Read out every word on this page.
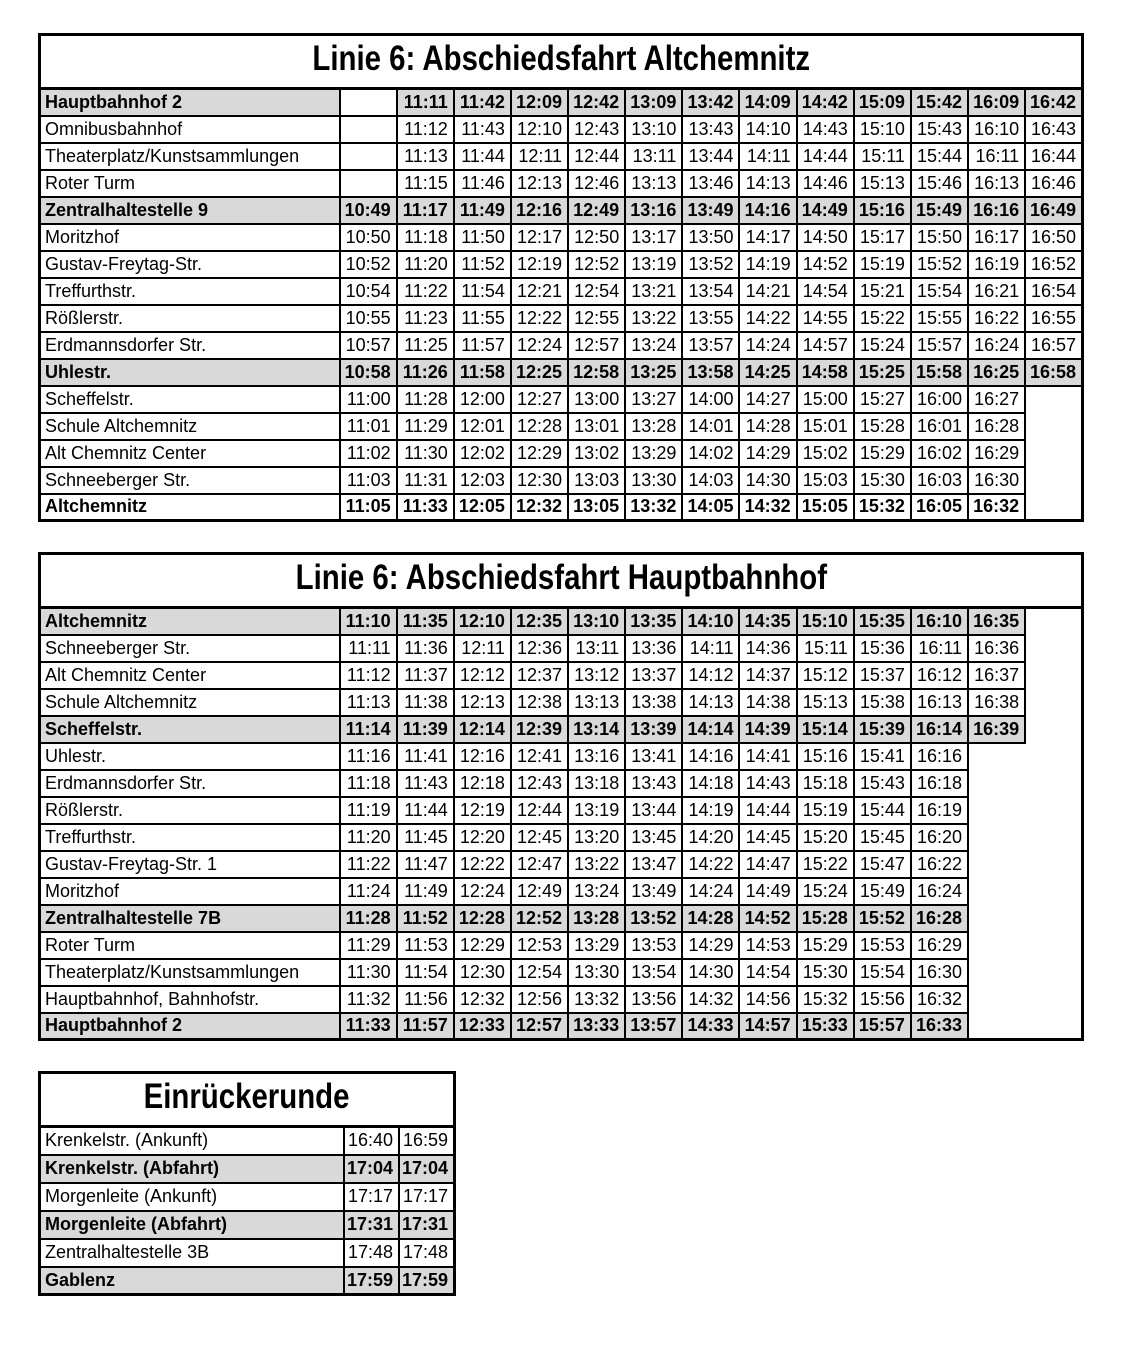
Linie 6: Abschiedsfahrt Altchemnitz													
Hauptbahnhof 2		11:11	11:42	12:09	12:42	13:09	13:42	14:09	14:42	15:09	15:42	16:09	16:42
Omnibusbahnhof		11:12	11:43	12:10	12:43	13:10	13:43	14:10	14:43	15:10	15:43	16:10	16:43
Theaterplatz/Kunstsammlungen		11:13	11:44	12:11	12:44	13:11	13:44	14:11	14:44	15:11	15:44	16:11	16:44
Roter Turm		11:15	11:46	12:13	12:46	13:13	13:46	14:13	14:46	15:13	15:46	16:13	16:46
Zentralhaltestelle 9	10:49	11:17	11:49	12:16	12:49	13:16	13:49	14:16	14:49	15:16	15:49	16:16	16:49
Moritzhof	10:50	11:18	11:50	12:17	12:50	13:17	13:50	14:17	14:50	15:17	15:50	16:17	16:50
Gustav-Freytag-Str.	10:52	11:20	11:52	12:19	12:52	13:19	13:52	14:19	14:52	15:19	15:52	16:19	16:52
Treffurthstr.	10:54	11:22	11:54	12:21	12:54	13:21	13:54	14:21	14:54	15:21	15:54	16:21	16:54
Rößlerstr.	10:55	11:23	11:55	12:22	12:55	13:22	13:55	14:22	14:55	15:22	15:55	16:22	16:55
Erdmannsdorfer Str.	10:57	11:25	11:57	12:24	12:57	13:24	13:57	14:24	14:57	15:24	15:57	16:24	16:57
Uhlestr.	10:58	11:26	11:58	12:25	12:58	13:25	13:58	14:25	14:58	15:25	15:58	16:25	16:58
Scheffelstr.	11:00	11:28	12:00	12:27	13:00	13:27	14:00	14:27	15:00	15:27	16:00	16:27	
Schule Altchemnitz	11:01	11:29	12:01	12:28	13:01	13:28	14:01	14:28	15:01	15:28	16:01	16:28	
Alt Chemnitz Center	11:02	11:30	12:02	12:29	13:02	13:29	14:02	14:29	15:02	15:29	16:02	16:29	
Schneeberger Str.	11:03	11:31	12:03	12:30	13:03	13:30	14:03	14:30	15:03	15:30	16:03	16:30	
Altchemnitz	11:05	11:33	12:05	12:32	13:05	13:32	14:05	14:32	15:05	15:32	16:05	16:32	
Linie 6: Abschiedsfahrt Hauptbahnhof													
Altchemnitz	11:10	11:35	12:10	12:35	13:10	13:35	14:10	14:35	15:10	15:35	16:10	16:35	
Schneeberger Str.	11:11	11:36	12:11	12:36	13:11	13:36	14:11	14:36	15:11	15:36	16:11	16:36	
Alt Chemnitz Center	11:12	11:37	12:12	12:37	13:12	13:37	14:12	14:37	15:12	15:37	16:12	16:37	
Schule Altchemnitz	11:13	11:38	12:13	12:38	13:13	13:38	14:13	14:38	15:13	15:38	16:13	16:38	
Scheffelstr.	11:14	11:39	12:14	12:39	13:14	13:39	14:14	14:39	15:14	15:39	16:14	16:39	
Uhlestr.	11:16	11:41	12:16	12:41	13:16	13:41	14:16	14:41	15:16	15:41	16:16		
Erdmannsdorfer Str.	11:18	11:43	12:18	12:43	13:18	13:43	14:18	14:43	15:18	15:43	16:18		
Rößlerstr.	11:19	11:44	12:19	12:44	13:19	13:44	14:19	14:44	15:19	15:44	16:19		
Treffurthstr.	11:20	11:45	12:20	12:45	13:20	13:45	14:20	14:45	15:20	15:45	16:20		
Gustav-Freytag-Str. 1	11:22	11:47	12:22	12:47	13:22	13:47	14:22	14:47	15:22	15:47	16:22		
Moritzhof	11:24	11:49	12:24	12:49	13:24	13:49	14:24	14:49	15:24	15:49	16:24		
Zentralhaltestelle 7B	11:28	11:52	12:28	12:52	13:28	13:52	14:28	14:52	15:28	15:52	16:28		
Roter Turm	11:29	11:53	12:29	12:53	13:29	13:53	14:29	14:53	15:29	15:53	16:29		
Theaterplatz/Kunstsammlungen	11:30	11:54	12:30	12:54	13:30	13:54	14:30	14:54	15:30	15:54	16:30		
Hauptbahnhof, Bahnhofstr.	11:32	11:56	12:32	12:56	13:32	13:56	14:32	14:56	15:32	15:56	16:32		
Hauptbahnhof 2	11:33	11:57	12:33	12:57	13:33	13:57	14:33	14:57	15:33	15:57	16:33		
Einrückerunde		
Krenkelstr. (Ankunft)	16:40	16:59
Krenkelstr. (Abfahrt)	17:04	17:04
Morgenleite (Ankunft)	17:17	17:17
Morgenleite (Abfahrt)	17:31	17:31
Zentralhaltestelle 3B	17:48	17:48
Gablenz	17:59	17:59
